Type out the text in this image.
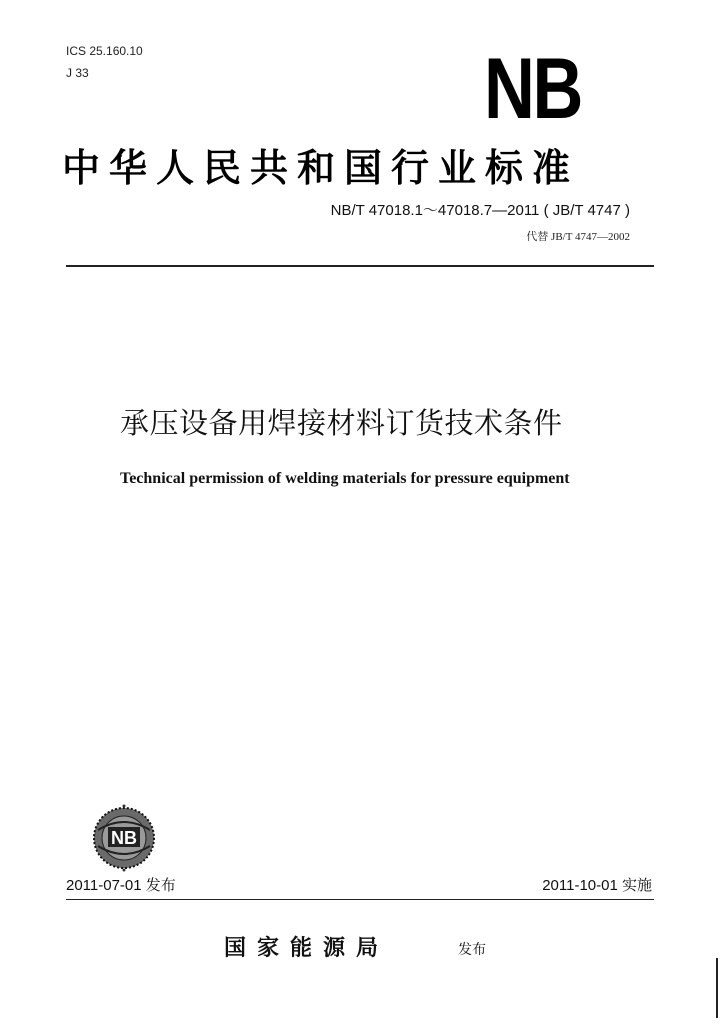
ICS 25.160.10
J 33	NB
中华人民共和国行业标准
NB/T 47018.1～47018.7—2011 ( JB/T 4747 )
代替 JB/T 4747—2002
承压设备用焊接材料订货技术条件
Technical permission of welding materials for pressure equipment
NB
2011-07-01 发布	2011-10-01 实施
国家能源局	发布
